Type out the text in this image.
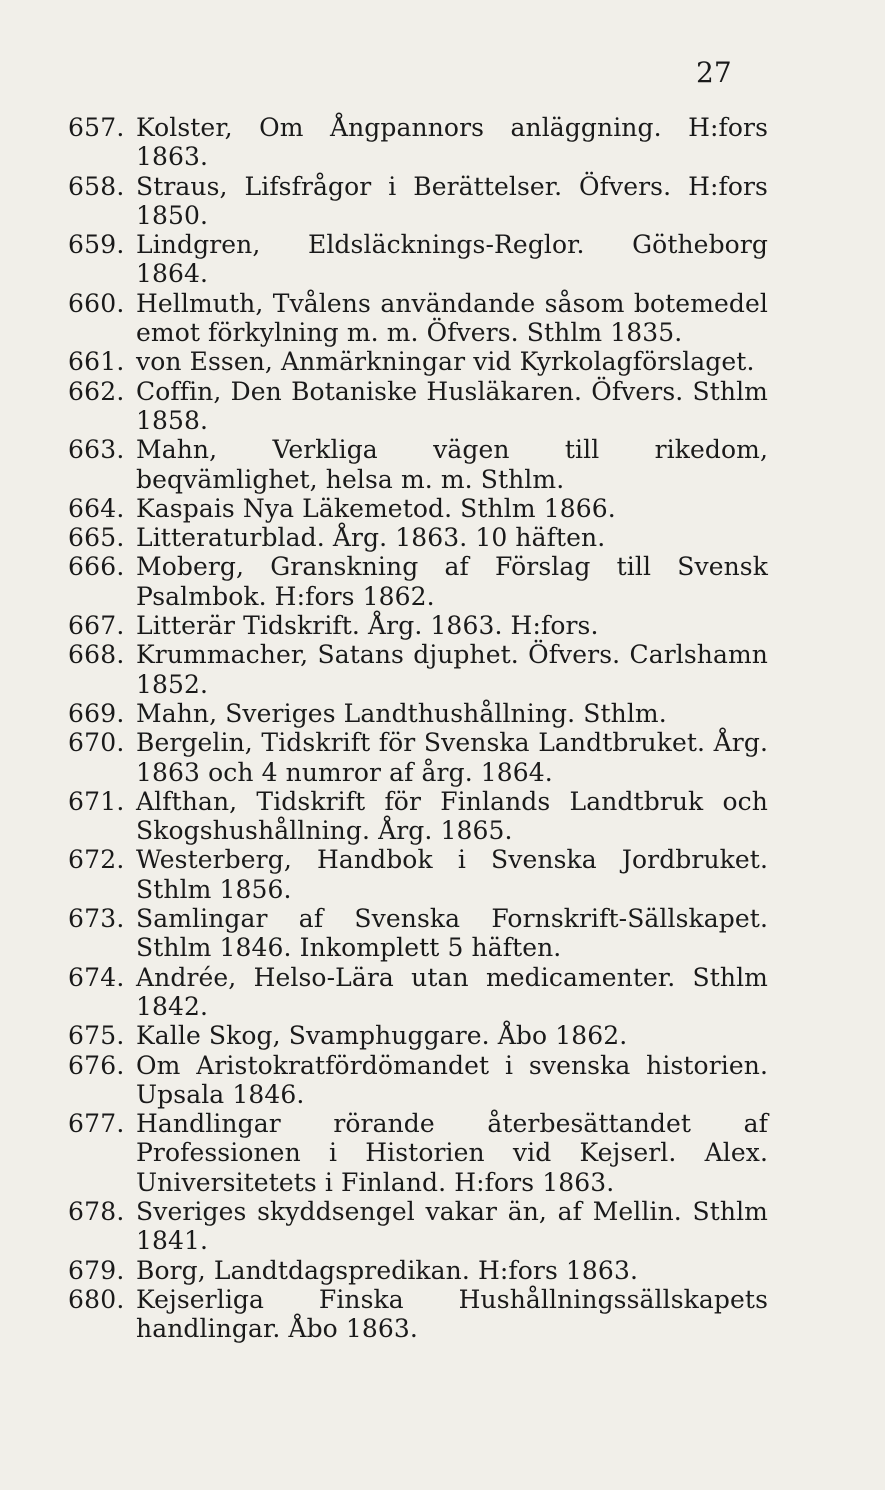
27
657. Kolster, Om Ångpannors anläggning. H:fors 1863.
658. Straus, Lifsfrågor i Berättelser. Öfvers. H:fors 1850.
659. Lindgren, Eldsläcknings-Reglor. Götheborg 1864.
660. Hellmuth, Tvålens användande såsom botemedel emot förkylning m. m. Öfvers. Sthlm 1835.
661. von Essen, Anmärkningar vid Kyrkolagförslaget.
662. Coffin, Den Botaniske Husläkaren. Öfvers. Sthlm 1858.
663. Mahn, Verkliga vägen till rikedom, beqvämlighet, helsa m. m. Sthlm.
664. Kaspais Nya Läkemetod. Sthlm 1866.
665. Litteraturblad. Årg. 1863. 10 häften.
666. Moberg, Granskning af Förslag till Svensk Psalmbok. H:fors 1862.
667. Litterär Tidskrift. Årg. 1863. H:fors.
668. Krummacher, Satans djuphet. Öfvers. Carlshamn 1852.
669. Mahn, Sveriges Landthushållning. Sthlm.
670. Bergelin, Tidskrift för Svenska Landtbruket. Årg. 1863 och 4 numror af årg. 1864.
671. Alfthan, Tidskrift för Finlands Landtbruk och Skogshushållning. Årg. 1865.
672. Westerberg, Handbok i Svenska Jordbruket. Sthlm 1856.
673. Samlingar af Svenska Fornskrift-Sällskapet. Sthlm 1846. Inkomplett 5 häften.
674. Andrée, Helso-Lära utan medicamenter. Sthlm 1842.
675. Kalle Skog, Svamphuggare. Åbo 1862.
676. Om Aristokratfördömandet i svenska historien. Upsala 1846.
677. Handlingar rörande återbesättandet af Professionen i Historien vid Kejserl. Alex. Universitetets i Finland. H:fors 1863.
678. Sveriges skyddsengel vakar än, af Mellin. Sthlm 1841.
679. Borg, Landtdagspredikan. H:fors 1863.
680. Kejserliga Finska Hushållningssällskapets handlingar. Åbo 1863.
